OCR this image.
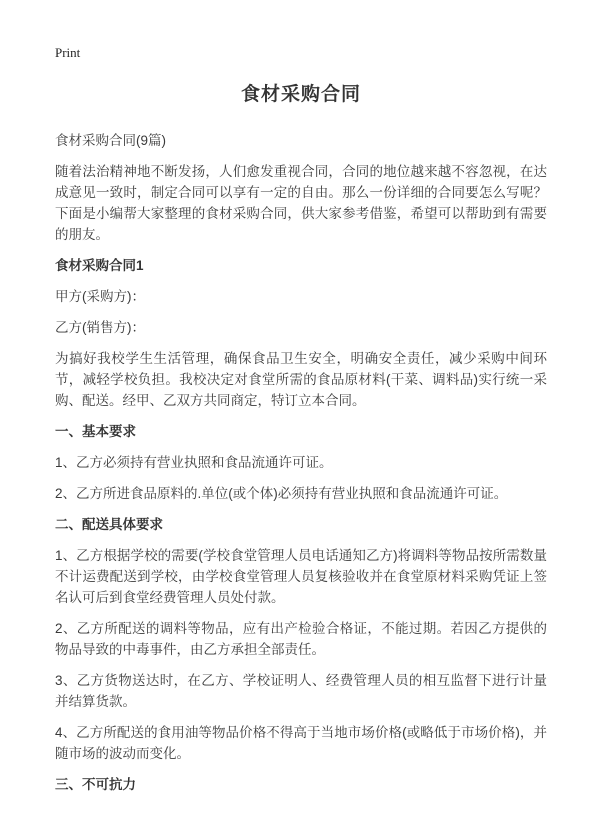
Print
食材采购合同
食材采购合同(9篇)
随着法治精神地不断发扬，人们愈发重视合同，合同的地位越来越不容忽视，在达成意见一致时，制定合同可以享有一定的自由。那么一份详细的合同要怎么写呢？下面是小编帮大家整理的食材采购合同，供大家参考借鉴，希望可以帮助到有需要的朋友。
食材采购合同1
甲方(采购方)：
乙方(销售方)：
为搞好我校学生生活管理，确保食品卫生安全，明确安全责任，减少采购中间环节，减轻学校负担。我校决定对食堂所需的食品原材料(干菜、调料品)实行统一采购、配送。经甲、乙双方共同商定，特订立本合同。
一、基本要求
1、乙方必须持有营业执照和食品流通许可证。
2、乙方所进食品原料的.单位(或个体)必须持有营业执照和食品流通许可证。
二、配送具体要求
1、乙方根据学校的需要(学校食堂管理人员电话通知乙方)将调料等物品按所需数量不计运费配送到学校，由学校食堂管理人员复核验收并在食堂原材料采购凭证上签名认可后到食堂经费管理人员处付款。
2、乙方所配送的调料等物品，应有出产检验合格证，不能过期。若因乙方提供的物品导致的中毒事件，由乙方承担全部责任。
3、乙方货物送达时，在乙方、学校证明人、经费管理人员的相互监督下进行计量并结算货款。
4、乙方所配送的食用油等物品价格不得高于当地市场价格(或略低于市场价格)，并随市场的波动而变化。
三、不可抗力
